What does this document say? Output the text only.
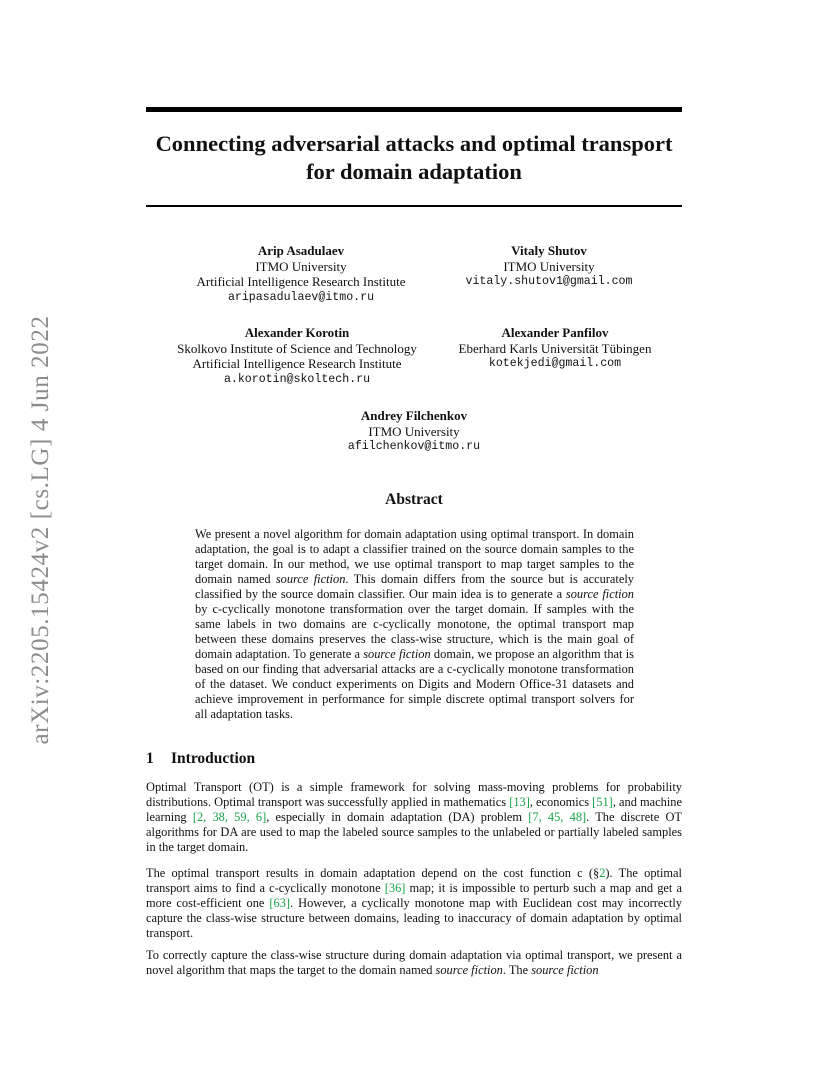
arXiv:2205.15424v2 [cs.LG] 4 Jun 2022
Connecting adversarial attacks and optimal transport
for domain adaptation
Arip Asadulaev
ITMO University
Artificial Intelligence Research Institute
aripasadulaev@itmo.ru
Vitaly Shutov
ITMO University
vitaly.shutov1@gmail.com
Alexander Korotin
Skolkovo Institute of Science and Technology
Artificial Intelligence Research Institute
a.korotin@skoltech.ru
Alexander Panfilov
Eberhard Karls Universität Tübingen
kotekjedi@gmail.com
Andrey Filchenkov
ITMO University
afilchenkov@itmo.ru
Abstract

We present a novel algorithm for domain adaptation using optimal transport. In domain adaptation, the goal is to adapt a classifier trained on the source domain samples to the target domain. In our method, we use optimal transport to map target samples to the domain named source fiction. This domain differs from the source but is accurately classified by the source domain classifier. Our main idea is to generate a source fiction by c-cyclically monotone transformation over the target domain. If samples with the same labels in two domains are c-cyclically monotone, the optimal transport map between these domains preserves the class-wise structure, which is the main goal of domain adaptation. To generate a source fiction domain, we propose an algorithm that is based on our finding that adversarial attacks are a c-cyclically monotone transformation of the dataset. We conduct experiments on Digits and Modern Office-31 datasets and achieve improvement in performance for simple discrete optimal transport solvers for all adaptation tasks.

1 Introduction

Optimal Transport (OT) is a simple framework for solving mass-moving problems for probability distributions. Optimal transport was successfully applied in mathematics [13], economics [51], and machine learning [2, 38, 59, 6], especially in domain adaptation (DA) problem [7, 45, 48]. The discrete OT algorithms for DA are used to map the labeled source samples to the unlabeled or partially labeled samples in the target domain.

The optimal transport results in domain adaptation depend on the cost function c (§2). The optimal transport aims to find a c-cyclically monotone [36] map; it is impossible to perturb such a map and get a more cost-efficient one [63]. However, a cyclically monotone map with Euclidean cost may incorrectly capture the class-wise structure between domains, leading to inaccuracy of domain adaptation by optimal transport.

To correctly capture the class-wise structure during domain adaptation via optimal transport, we present a novel algorithm that maps the target to the domain named source fiction. The source fiction
